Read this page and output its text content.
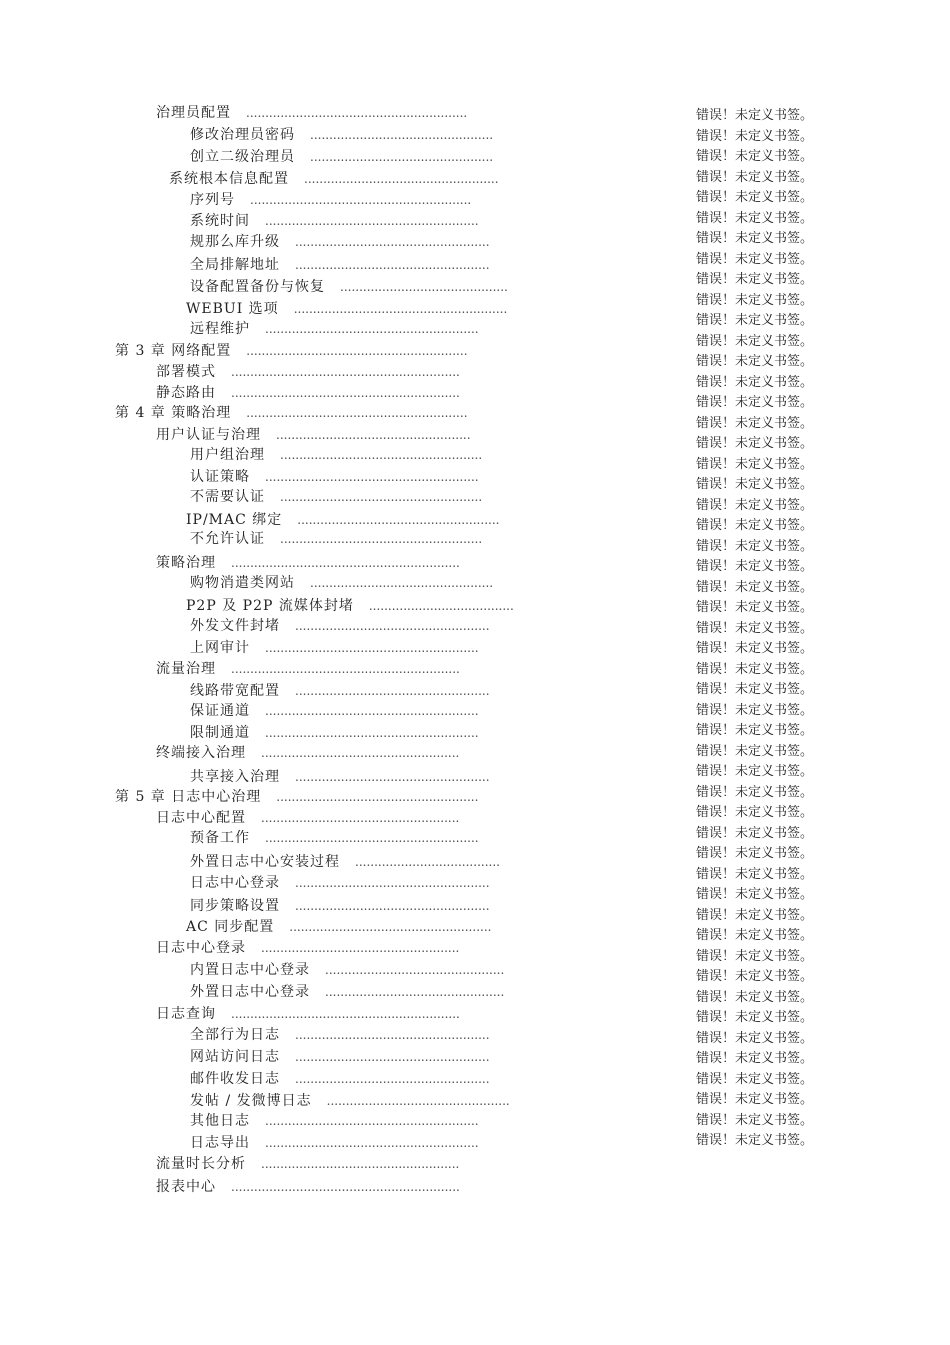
治理员配置  ..........................................................
修改治理员密码  ................................................
创立二级治理员  ................................................
系统根本信息配置  ...................................................
序列号  ..........................................................
系统时间  ........................................................
规那么库升级  ...................................................
全局排解地址  ...................................................
设备配置备份与恢复  ............................................
WEBUI 选项  ........................................................
远程维护  ........................................................
第 3 章 网络配置  ..........................................................
部署模式  ............................................................
静态路由  ............................................................
第 4 章 策略治理  ..........................................................
用户认证与治理  ...................................................
用户组治理  .....................................................
认证策略  ........................................................
不需要认证  .....................................................
IP/MAC 绑定  .....................................................
不允许认证  .....................................................
策略治理  ............................................................
购物消遣类网站  ................................................
P2P 及 P2P 流媒体封堵  ......................................
外发文件封堵  ...................................................
上网审计  ........................................................
流量治理  ............................................................
线路带宽配置  ...................................................
保证通道  ........................................................
限制通道  ........................................................
终端接入治理  ....................................................
共享接入治理  ...................................................
第 5 章 日志中心治理  .....................................................
日志中心配置  ....................................................
预备工作  ........................................................
外置日志中心安装过程  ......................................
日志中心登录  ...................................................
同步策略设置  ...................................................
AC 同步配置  .....................................................
日志中心登录  ....................................................
内置日志中心登录  ...............................................
外置日志中心登录  ...............................................
日志查询  ............................................................
全部行为日志  ...................................................
网站访问日志  ...................................................
邮件收发日志  ...................................................
发帖 / 发微博日志  ................................................
其他日志  ........................................................
日志导出  ........................................................
流量时长分析  ....................................................
报表中心  ............................................................
错误！未定义书签。
错误！未定义书签。
错误！未定义书签。
错误！未定义书签。
错误！未定义书签。
错误！未定义书签。
错误！未定义书签。
错误！未定义书签。
错误！未定义书签。
错误！未定义书签。
错误！未定义书签。
错误！未定义书签。
错误！未定义书签。
错误！未定义书签。
错误！未定义书签。
错误！未定义书签。
错误！未定义书签。
错误！未定义书签。
错误！未定义书签。
错误！未定义书签。
错误！未定义书签。
错误！未定义书签。
错误！未定义书签。
错误！未定义书签。
错误！未定义书签。
错误！未定义书签。
错误！未定义书签。
错误！未定义书签。
错误！未定义书签。
错误！未定义书签。
错误！未定义书签。
错误！未定义书签。
错误！未定义书签。
错误！未定义书签。
错误！未定义书签。
错误！未定义书签。
错误！未定义书签。
错误！未定义书签。
错误！未定义书签。
错误！未定义书签。
错误！未定义书签。
错误！未定义书签。
错误！未定义书签。
错误！未定义书签。
错误！未定义书签。
错误！未定义书签。
错误！未定义书签。
错误！未定义书签。
错误！未定义书签。
错误！未定义书签。
错误！未定义书签。
